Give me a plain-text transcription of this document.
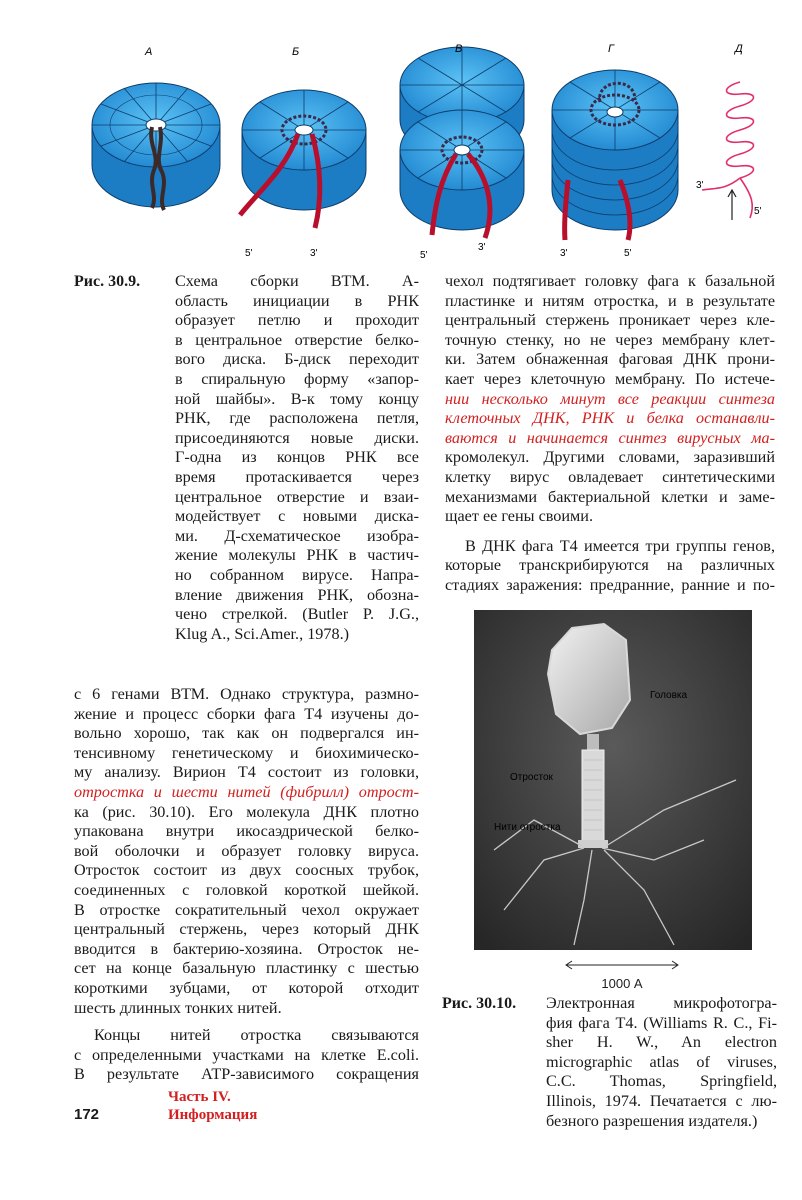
5'	3'	5'
3'
3'	5'
3'
5'
А	Б	В	Г	Д
Рис. 30.9. Схема сборки ВТМ. А-
область инициации в РНК
образует петлю и проходит
в центральное отверстие белко-
вого диска. Б-диск переходит
в спиральную форму «запор-
ной шайбы». В-к тому концу
РНК, где расположена петля,
присоединяются новые диски.
Г-одна из концов РНК все
время протаскивается через
центральное отверстие и взаи-
модействует с новыми диска-
ми. Д-схематическое изобра-
жение молекулы РНК в частич-
но собранном вирусе. Напра-
вление движения РНК, обозна-
чено стрелкой. (Butler P. J.G.,
Klug A., Sci.Amer., 1978.)
чехол подтягивает головку фага к базальной
пластинке и нитям отростка, и в результате
центральный стержень проникает через кле-
точную стенку, но не через мембрану клет-
ки. Затем обнаженная фаговая ДНК прони-
кает через клеточную мембрану. По истече-
нии несколько минут все реакции синтеза
клеточных ДНК, РНК и белка останавли-
ваются и начинается синтез вирусных ма-
кромолекул. Другими словами, заразивший
клетку вирус овладевает синтетическими
механизмами бактериальной клетки и заме-
щает ее гены своими.
В ДНК фага Т4 имеется три группы генов,
которые транскрибируются на различных
стадиях заражения: предранние, ранние и по-
с 6 генами ВТМ. Однако структура, размно-
жение и процесс сборки фага Т4 изучены до-
вольно хорошо, так как он подвергался ин-
тенсивному генетическому и биохимическо-
му анализу. Вирион Т4 состоит из головки,
отростка и шести нитей (фибрилл) отрост-
ка (рис. 30.10). Его молекула ДНК плотно
упакована внутри икосаэдрической белко-
вой оболочки и образует головку вируса.
Отросток состоит из двух соосных трубок,
соединенных с головкой короткой шейкой.
В отростке сократительный чехол окружает
центральный стержень, через который ДНК
вводится в бактерию-хозяина. Отросток не-
сет на конце базальную пластинку с шестью
короткими зубцами, от которой отходит
шесть длинных тонких нитей.
Концы нитей отростка связываются
с определенными участками на клетке E.coli.
В результате АТР-зависимого сокращения
Головка
Отросток
Нити отростка
1000 А
Рис. 30.10. Электронная микрофотогра-
фия фага Т4. (Williams R. C., Fi-
sher H. W., An electron
micrographic atlas of viruses,
C.C. Thomas, Springfield,
Illinois, 1974. Печатается с лю-
безного разрешения издателя.)
172
Часть IV.
Информация
